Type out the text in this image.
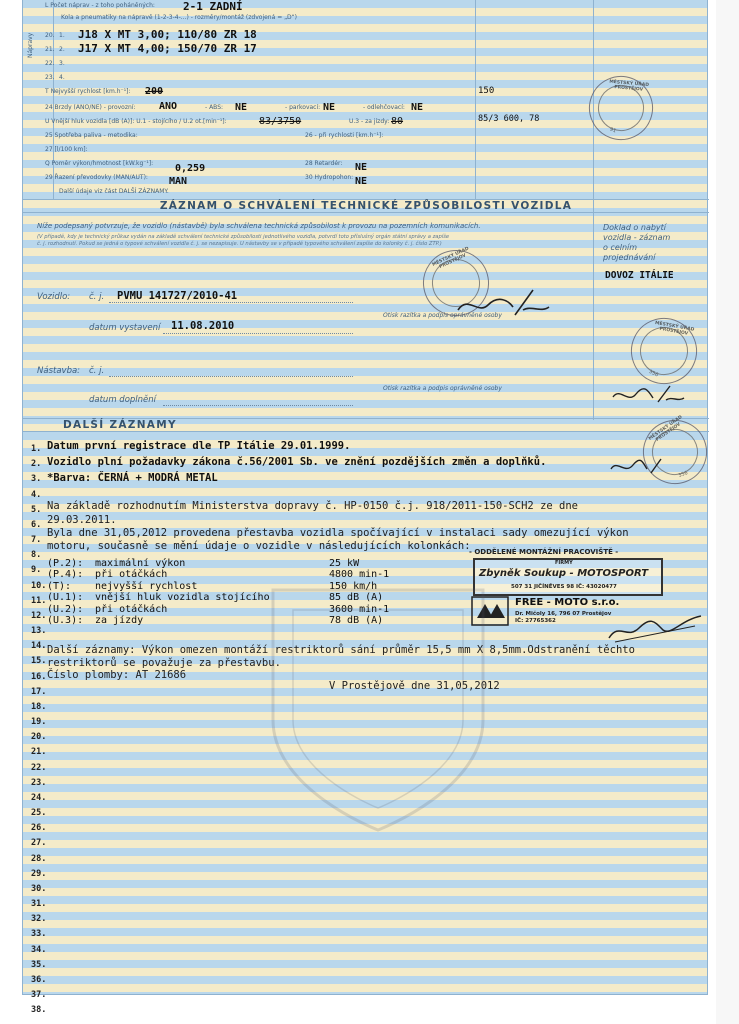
L Počet náprav - z toho poháněných:	2-1 ZADNÍ
Kola a pneumatiky na nápravě (1-2-3-4-...) - rozměry/montáž (zdvojená = „D“)
Nápravy 20. 1. J18 X MT 3,00; 110/80 ZR 18
21. 2. J17 X MT 4,00; 150/70 ZR 17
22. 3.
23. 4.
T Nejvyšší rychlost [km.h⁻¹]: 200	150
24 Brzdy (ANO/NE) - provozní: ANO	- ABS: NE	- parkovací: NE	- odlehčovací: NE
U Vnější hluk vozidla [dB (A)]: U.1 - stojícího / U.2 ot.[min⁻¹]:	83/3750	U.3 - za jízdy: 80	85/3 600, 78
25 Spotřeba paliva - metodika:	26 - při rychlosti [km.h⁻¹]:
27 [l/100 km]:
Q Poměr výkon/hmotnost [kW.kg⁻¹]: 0,259	28 Retardér: NE
29 Řazení převodovky (MAN/AUT): MAN	30 Hydropohon: NE
Další údaje viz část DALŠÍ ZÁZNAMY.
MĚSTSKÝ ÚŘAD PROSTĚJOV
91
ZÁZNAM O SCHVÁLENÍ TECHNICKÉ ZPŮSOBILOSTI VOZIDLA
Níže podepsaný potvrzuje, že vozidlo (nástavbě) byla schválena technická způsobilost k provozu na pozemních komunikacích.
(V případě, kdy je technický průkaz vydán na základě schválení technické způsobilosti jednotlivého vozidla, potvrdí toto příslušný orgán státní správy a zapíše
č. j. rozhodnutí. Pokud se jedná o typové schválení vozidla č. j. se nezapisuje. U nástavby se v případě typového schválení zapíše do kolonky č. j. číslo ZTP.)
Vozidlo: č. j. PVMU 141727/2010-41
datum vystavení 11.08.2010
Otisk razítka a podpis oprávněné osoby
MĚSTSKÝ ÚŘAD PROSTĚJOV
Nástavba: č. j.
datum doplnění
Otisk razítka a podpis oprávněné osoby
Doklad o nabytí
vozidla - záznam
o celním
projednávání
DOVOZ ITÁLIE
MĚSTSKÝ ÚŘAD PROSTĚJOV
356
DALŠÍ ZÁZNAMY
1.
2.
3.
4.
5.
6.
7.
8.
9.
10.
11.
12.
13.
14.
15.
16.
17.
18.
19.
20.
21.
22.
23.
24.
25.
26.
27.
28.
29.
30.
31.
32.
33.
34.
35.
36.
37.
38.
Datum první registrace dle TP Itálie 29.01.1999.
Vozidlo plní požadavky zákona č.56/2001 Sb. ve znění pozdějších změn a doplňků.
*Barva: ČERNÁ + MODRÁ METAL
Na základě rozhodnutím Ministerstva dopravy č. HP-0150 č.j. 918/2011-150-SCH2 ze dne
29.03.2011.
Byla dne 31,05,2012 provedena přestavba vozidla spočívající v instalaci sady omezující výkon
motoru, současně se mění údaje o vozidle v následujících kolonkách:
(P.2): maximální výkon	25 kW
(P.4): při otáčkách	4800 min-1
(T): nejvyšší rychlost	150 km/h
(U.1): vnější hluk vozidla stojícího	85 dB (A)
(U.2): při otáčkách	3600 min-1
(U.3): za jízdy	78 dB (A)
Další záznamy: Výkon omezen montáží restriktorů sání průměr 15,5 mm X 8,5mm.Odstranění těchto
restriktorů se považuje za přestavbu.
Číslo plomby: AT 21686
V Prostějově dne 31,05,2012
MĚSTSKÝ ÚŘAD PROSTĚJOV
356
- ODDĚLENÉ MONTÁŽNÍ PRACOVIŠTĚ -
FIRMY
Zbyněk Soukup - MOTOSPORT
507 31 JIČÍNĚVES 98 IČ: 43020477
FREE - MOTO s.r.o.
Dr. Mičoly 16, 796 07 Prostějov
IČ: 27765362
